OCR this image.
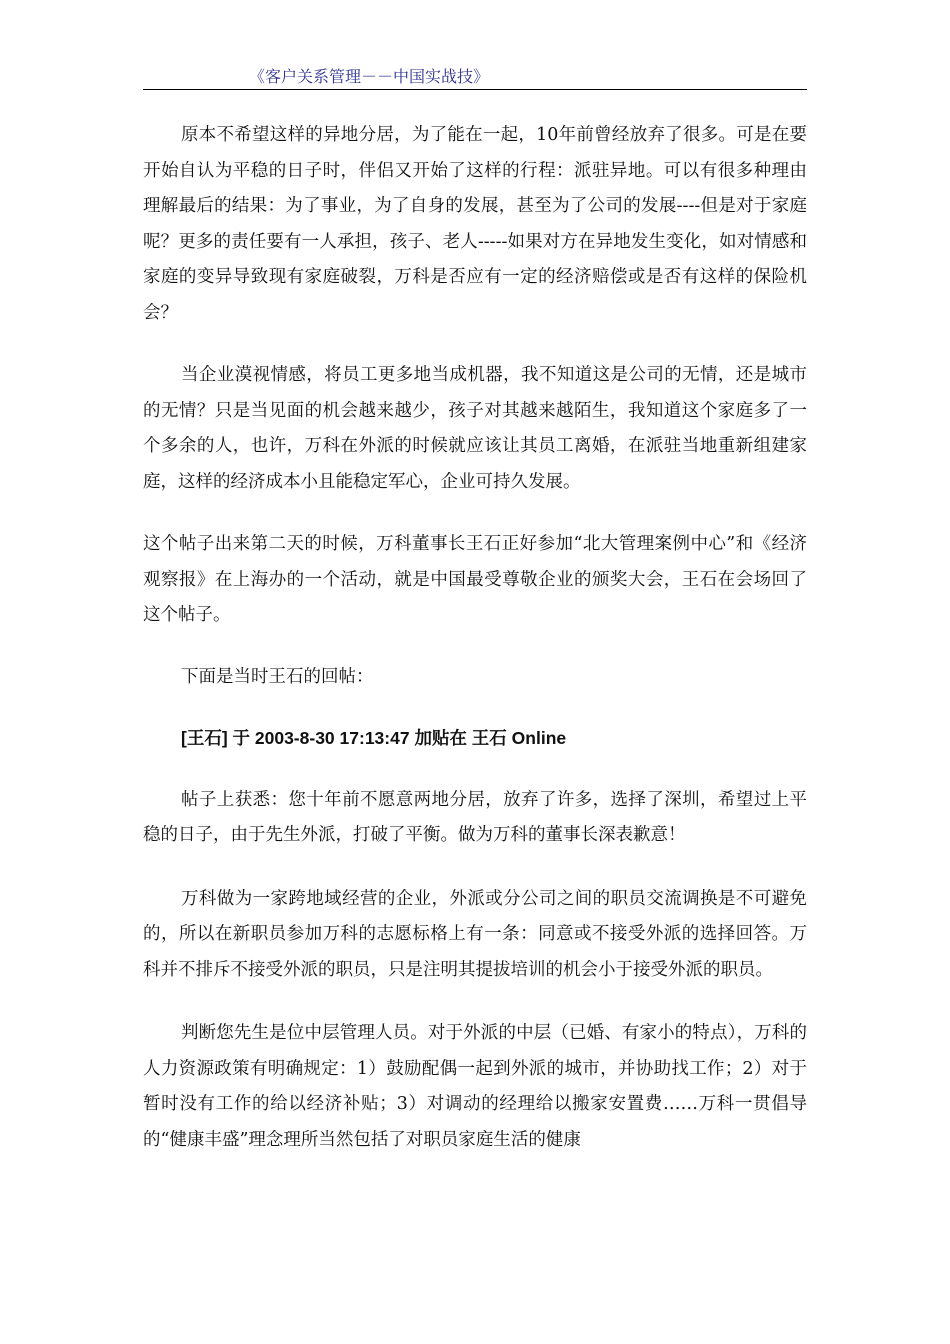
《客户关系管理－－中国实战技》

原本不希望这样的异地分居，为了能在一起，10年前曾经放弃了很多。可是在要开始自认为平稳的日子时，伴侣又开始了这样的行程：派驻异地。可以有很多种理由理解最后的结果：为了事业，为了自身的发展，甚至为了公司的发展----但是对于家庭呢？更多的责任要有一人承担，孩子、老人-----如果对方在异地发生变化，如对情感和家庭的变异导致现有家庭破裂，万科是否应有一定的经济赔偿或是否有这样的保险机会？

当企业漠视情感，将员工更多地当成机器，我不知道这是公司的无情，还是城市的无情？只是当见面的机会越来越少，孩子对其越来越陌生，我知道这个家庭多了一个多余的人，也许，万科在外派的时候就应该让其员工离婚，在派驻当地重新组建家庭，这样的经济成本小且能稳定军心，企业可持久发展。

这个帖子出来第二天的时候，万科董事长王石正好参加“北大管理案例中心”和《经济观察报》在上海办的一个活动，就是中国最受尊敬企业的颁奖大会，王石在会场回了这个帖子。

下面是当时王石的回帖：

[王石] 于 2003-8-30 17:13:47 加贴在 王石 Online

帖子上获悉：您十年前不愿意两地分居，放弃了许多，选择了深圳，希望过上平稳的日子，由于先生外派，打破了平衡。做为万科的董事长深表歉意！

万科做为一家跨地域经营的企业，外派或分公司之间的职员交流调换是不可避免的，所以在新职员参加万科的志愿标格上有一条：同意或不接受外派的选择回答。万科并不排斥不接受外派的职员，只是注明其提拔培训的机会小于接受外派的职员。

判断您先生是位中层管理人员。对于外派的中层（已婚、有家小的特点），万科的人力资源政策有明确规定：1）鼓励配偶一起到外派的城市，并协助找工作；2）对于暂时没有工作的给以经济补贴；3）对调动的经理给以搬家安置费……万科一贯倡导的“健康丰盛”理念理所当然包括了对职员家庭生活的健康
